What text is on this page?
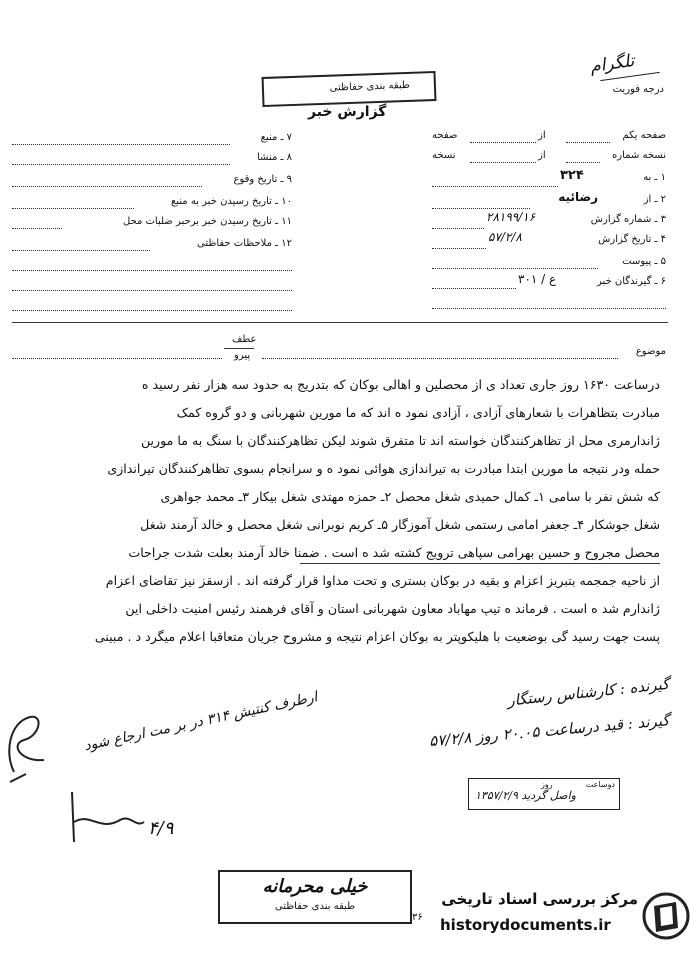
تلگرام
درجه فوریت
طبقه بندی حفاظتی
گزارش خبر
۷ ـ منبع
۸ ـ منشا
۹ ـ تاریخ وقوع
۱۰ ـ تاریخ رسیدن خبر به منبع
۱۱ ـ تاریخ رسیدن خبر برحبر ضلبات محل
۱۲ ـ ملاحظات حفاظتی
صفحه یکم
از
صفحه
نسخه شماره
از
نسخه
۱ ـ به
۳۲۴
۲ ـ از
رضائیه
۳ ـ شماره گزارش
۲۸۱۹۹/۱۶
۴ ـ تاریخ گزارش
۵۷/۲/۸
۵ ـ پیوست
۶ ـ گیرندگان خبر
۳۰۱ / ع
عطف
پیرو	موضوع
درساعت ۱۶۳۰ روز جاری تعداد ی از محصلین و اهالی بوکان که بتدریج به حدود سه هزار نفر رسید ه
مبادرت بتظاهرات با شعارهای آزادی ، آزادی نمود ه اند که ما مورین شهربانی و دو گروه کمک
ژاندارمری محل از تظاهرکنندگان خواسته اند تا متفرق شوند لیکن تظاهرکنندگان با سنگ به ما مورین
حمله ودر نتیجه ما مورین ابتدا مبادرت به تیراندازی هوائی نمود ه و سرانجام بسوی تظاهرکنندگان تیراندازی
که شش نفر با سامی ۱ـ کمال حمیدی شغل محصل ۲ـ حمزه مهتدی شغل بیکار ۳ـ محمد جواهری
شغل جوشکار ۴ـ جعفر امامی رستمی شغل آموزگار ۵ـ کریم نوبرانی شغل محصل و خالد آرمند شغل
محصل مجروح و حسین بهرامی سپاهی ترویج کشته شد ه است . ضمنا خالد آرمند بعلت شدت جراحات
از ناحیه جمجمه بتبریز اعزام و بقیه در بوکان بستری و تحت مداوا قرار گرفته اند . ازسقز نیز تقاضای اعزام
ژاندارم شد ه است . فرماند ه تیپ مهاباد معاون شهربانی استان و آقای فرهمند رئیس امنیت داخلی این
پست جهت رسید گی بوضعیت با هلیکوپتر به بوکان اعزام نتیجه و مشروح جریان متعاقبا اعلام میگرد د . مبینی
گیرنده : کارشناس رستگار
گیرند : قید درساعت ۲۰.۰۵ روز ۵۷/۲/۸
ارطرف کنتیش ۳۱۴ در بر مت ارجاع شود
۴/۹
دوساعت
۱۳۵۷/۲/۹ واصل گردید
روز
خیلی محرمانه
طبقه بندی حفاظتی
۳۶
مرکز بررسی اسناد تاریخی
historydocuments.ir
